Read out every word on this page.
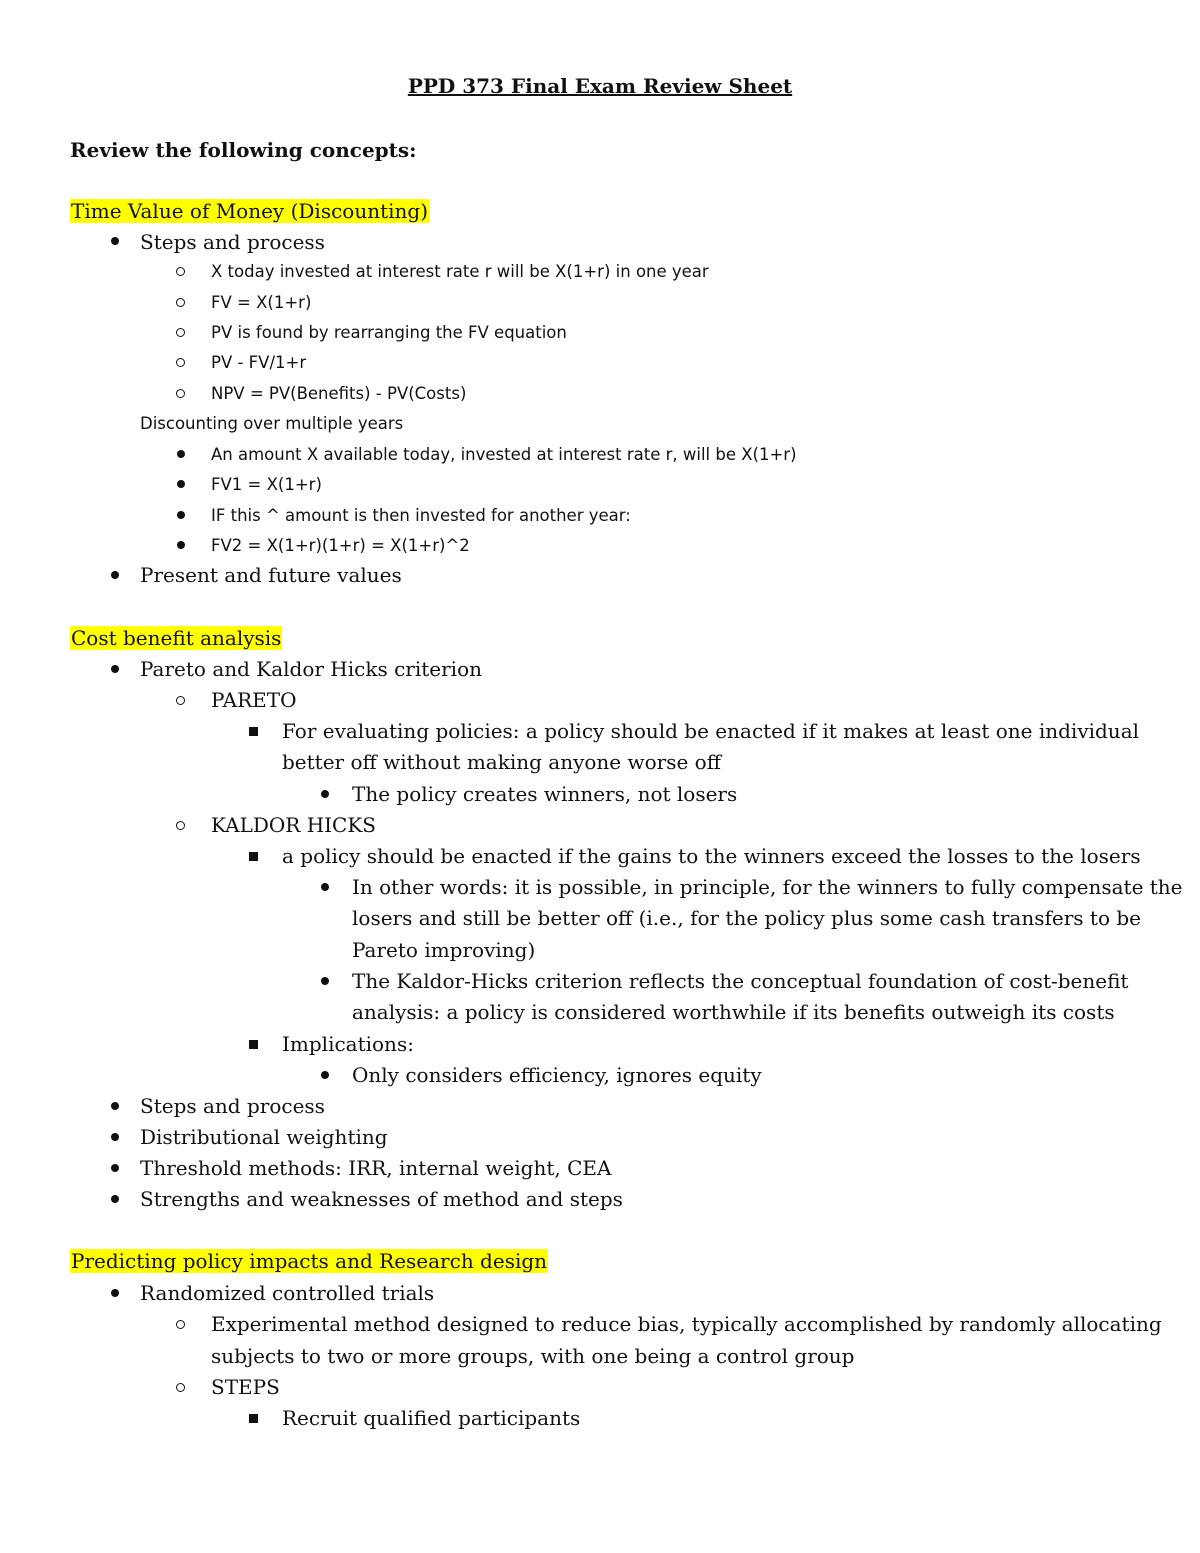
PPD 373 Final Exam Review Sheet
Review the following concepts:
Time Value of Money (Discounting)
Steps and process
X today invested at interest rate r will be X(1+r) in one year
FV = X(1+r)
PV is found by rearranging the FV equation
PV - FV/1+r
NPV = PV(Benefits) - PV(Costs)
Discounting over multiple years
An amount X available today, invested at interest rate r, will be X(1+r)
FV1 = X(1+r)
IF this ^ amount is then invested for another year:
FV2 = X(1+r)(1+r) = X(1+r)^2
Present and future values
Cost benefit analysis
Pareto and Kaldor Hicks criterion
PARETO
For evaluating policies: a policy should be enacted if it makes at least one individual
better off without making anyone worse off
The policy creates winners, not losers
KALDOR HICKS
a policy should be enacted if the gains to the winners exceed the losses to the losers
In other words: it is possible, in principle, for the winners to fully compensate the
losers and still be better off (i.e., for the policy plus some cash transfers to be
Pareto improving)
The Kaldor-Hicks criterion reflects the conceptual foundation of cost-benefit
analysis: a policy is considered worthwhile if its benefits outweigh its costs
Implications:
Only considers efficiency, ignores equity
Steps and process
Distributional weighting
Threshold methods: IRR, internal weight, CEA
Strengths and weaknesses of method and steps
Predicting policy impacts and Research design
Randomized controlled trials
Experimental method designed to reduce bias, typically accomplished by randomly allocating
subjects to two or more groups, with one being a control group
STEPS
Recruit qualified participants
